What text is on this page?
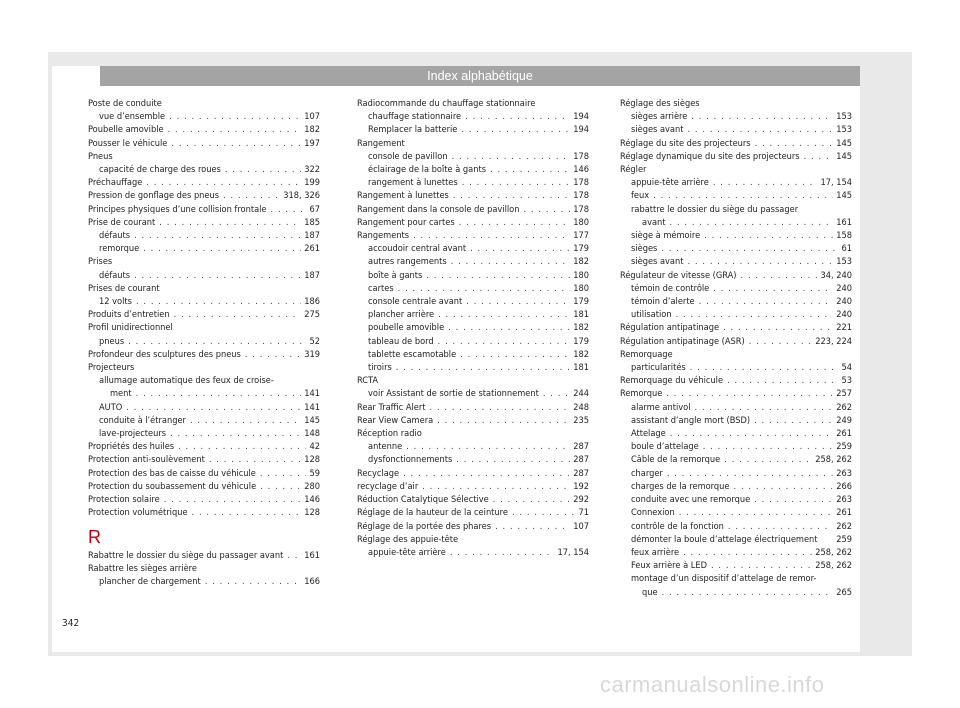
Index alphabétique
Poste de conduite
vue d’ensemble . . .	107
Poubelle amovible . . .	182
Pousser le véhicule . . .	197
Pneus
capacité de charge des roues . . .	322
Préchauffage . . .	199
Pression de gonflage des pneus . . .	318, 326
Principes physiques d’une collision frontale . . .	67
Prise de courant . . .	185
défauts . . .	187
remorque . . .	261
Prises
défauts . . .	187
Prises de courant
12 volts . . .	186
Produits d’entretien . . .	275
Profil unidirectionnel
pneus . . .	52
Profondeur des sculptures des pneus . . .	319
Projecteurs
allumage automatique des feux de croise-
ment . . .	141
AUTO . . .	141
conduite à l’étranger . . .	145
lave-projecteurs . . .	148
Propriétés des huiles . . .	42
Protection anti-soulèvement . . .	128
Protection des bas de caisse du véhicule . . .	59
Protection du soubassement du véhicule . . .	280
Protection solaire . . .	146
Protection volumétrique . . .	128
R
Rabattre le dossier du siège du passager avant . . . 161
Rabattre les sièges arrière
plancher de chargement . . .	166
Radiocommande du chauffage stationnaire
chauffage stationnaire . . .	194
Remplacer la batterie . . .	194
Rangement
console de pavillon . . .	178
éclairage de la boîte à gants . . .	146
rangement à lunettes . . .	178
Rangement à lunettes . . .	178
Rangement dans la console de pavillon . . .	178
Rangement pour cartes . . .	180
Rangements . . .	177
accoudoir central avant . . .	179
autres rangements . . .	182
boîte à gants . . .	180
cartes . . .	180
console centrale avant . . .	179
plancher arrière . . .	181
poubelle amovible . . .	182
tableau de bord . . .	179
tablette escamotable . . .	182
tiroirs . . .	181
RCTA
voir Assistant de sortie de stationnement . . .	244
Rear Traffic Alert . . .	248
Rear View Camera . . .	235
Réception radio
antenne . . .	287
dysfonctionnements . . .	287
Recyclage . . .	287
recyclage d’air . . .	192
Réduction Catalytique Sélective . . .	292
Réglage de la hauteur de la ceinture . . .	71
Réglage de la portée des phares . . .	107
Réglage des appuie-tête
appuie-tête arrière . . .	17, 154
Réglage des sièges
sièges arrière . . .	153
sièges avant . . .	153
Réglage du site des projecteurs . . .	145
Réglage dynamique du site des projecteurs . . .	145
Régler
appuie-tête arrière . . .	17, 154
feux . . .	145
rabattre le dossier du siège du passager
avant . . .	161
siège à mémoire . . .	158
sièges . . .	61
sièges avant . . .	153
Régulateur de vitesse (GRA) . . .	34, 240
témoin de contrôle . . .	240
témoin d’alerte . . .	240
utilisation . . .	240
Régulation antipatinage . . .	221
Régulation antipatinage (ASR) . . .	223, 224
Remorquage
particularités . . .	54
Remorquage du véhicule . . .	53
Remorque . . .	257
alarme antivol . . .	262
assistant d’angle mort (BSD) . . .	249
Attelage . . .	261
boule d’attelage . . .	259
Câble de la remorque . . .	258, 262
charger . . .	263
charges de la remorque . . .	266
conduite avec une remorque . . .	263
Connexion . . .	261
contrôle de la fonction . . .	262
démonter la boule d’attelage électriquement 259
feux arrière . . .	258, 262
Feux arrière à LED . . .	258, 262
montage d’un dispositif d’attelage de remor-
que . . .	265
342
carmanualsonline.info
